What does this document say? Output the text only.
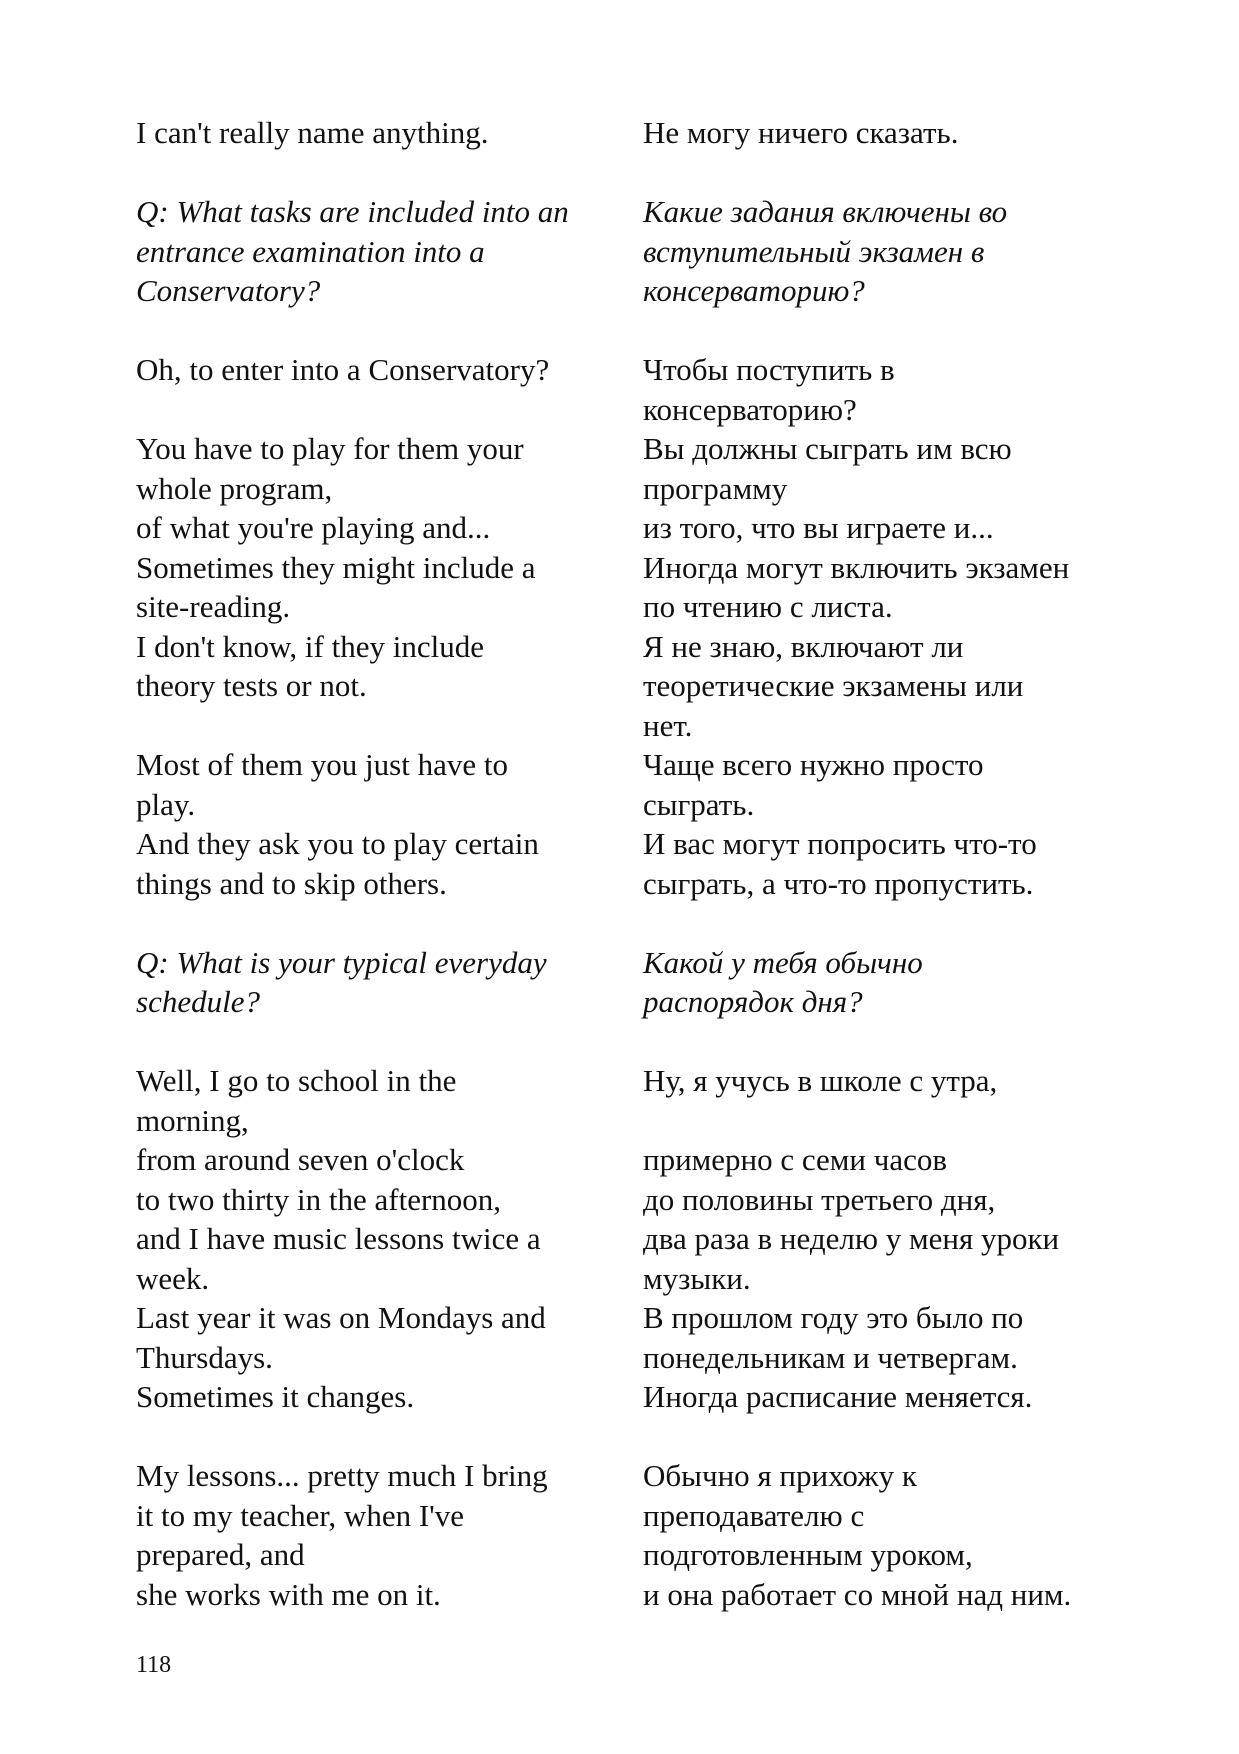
I can't really name anything.
Q: What tasks are included into an
entrance examination into a
Conservatory?
Oh, to enter into a Conservatory?
You have to play for them your
whole program,
of what you're playing and...
Sometimes they might include a
site-reading.
I don't know, if they include
theory tests or not.
Most of them you just have to
play.
And they ask you to play certain
things and to skip others.
Q: What is your typical everyday
schedule?
Well, I go to school in the
morning,
from around seven o'clock
to two thirty in the afternoon,
and I have music lessons twice a
week.
Last year it was on Mondays and
Thursdays.
Sometimes it changes.
My lessons... pretty much I bring
it to my teacher, when I've
prepared, and
she works with me on it.
Не могу ничего сказать.
Какие задания включены во
вступительный экзамен в
консерваторию?
Чтобы поступить в
консерваторию?
Вы должны сыграть им всю
программу
из того, что вы играете и...
Иногда могут включить экзамен
по чтению с листа.
Я не знаю, включают ли
теоретические экзамены или
нет.
Чаще всего нужно просто
сыграть.
И вас могут попросить что-то
сыграть, а что-то пропустить.
Какой у тебя обычно
распорядок дня?
Ну, я учусь в школе с утра,
примерно с семи часов
до половины третьего дня,
два раза в неделю у меня уроки
музыки.
В прошлом году это было по
понедельникам и четвергам.
Иногда расписание меняется.
Обычно я прихожу к
преподавателю с
подготовленным уроком,
и она работает со мной над ним.
118
